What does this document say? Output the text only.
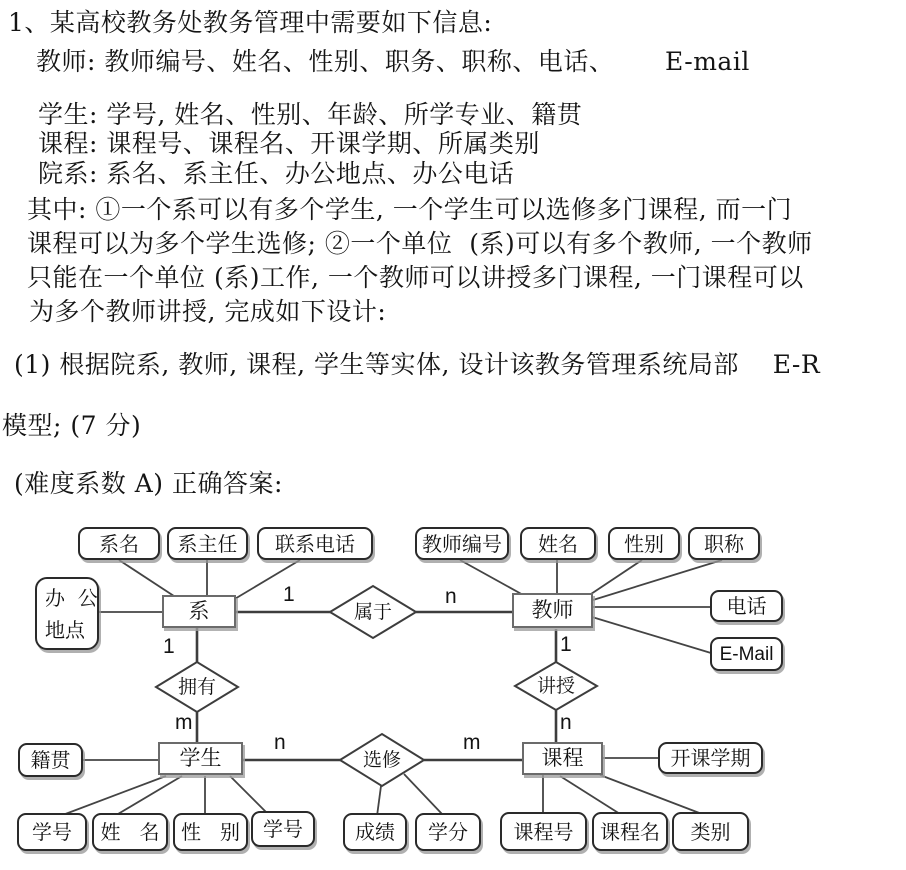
1、某高校教务处教务管理中需要如下信息:
教师: 教师编号、姓名、性别、职务、职称、电话、      E-mail
学生: 学号, 姓名、性别、年龄、所学专业、籍贯
课程: 课程号、课程名、开课学期、所属类别
院系: 系名、系主任、办公地点、办公电话
其中: ①一个系可以有多个学生, 一个学生可以选修多门课程, 而一门
课程可以为多个学生选修; ②一个单位  (系)可以有多个教师, 一个教师
只能在一个单位 (系)工作, 一个教师可以讲授多门课程, 一门课程可以
为多个教师讲授, 完成如下设计:
(1) 根据院系, 教师, 课程, 学生等实体, 设计该教务管理系统局部    E-R
模型; (7 分)
(难度系数 A) 正确答案:
系名	系主任	联系电话	教师编号	姓名	性别	职称
办  公
地点
电话
E-Mail
籍贯	开课学期
学号	姓   名	性   别	学号	成绩	学分	课程号	课程名	类别
系	教师
学生	课程
属于
拥有	讲授
选修
1	n
1
m
1
n
n	m
